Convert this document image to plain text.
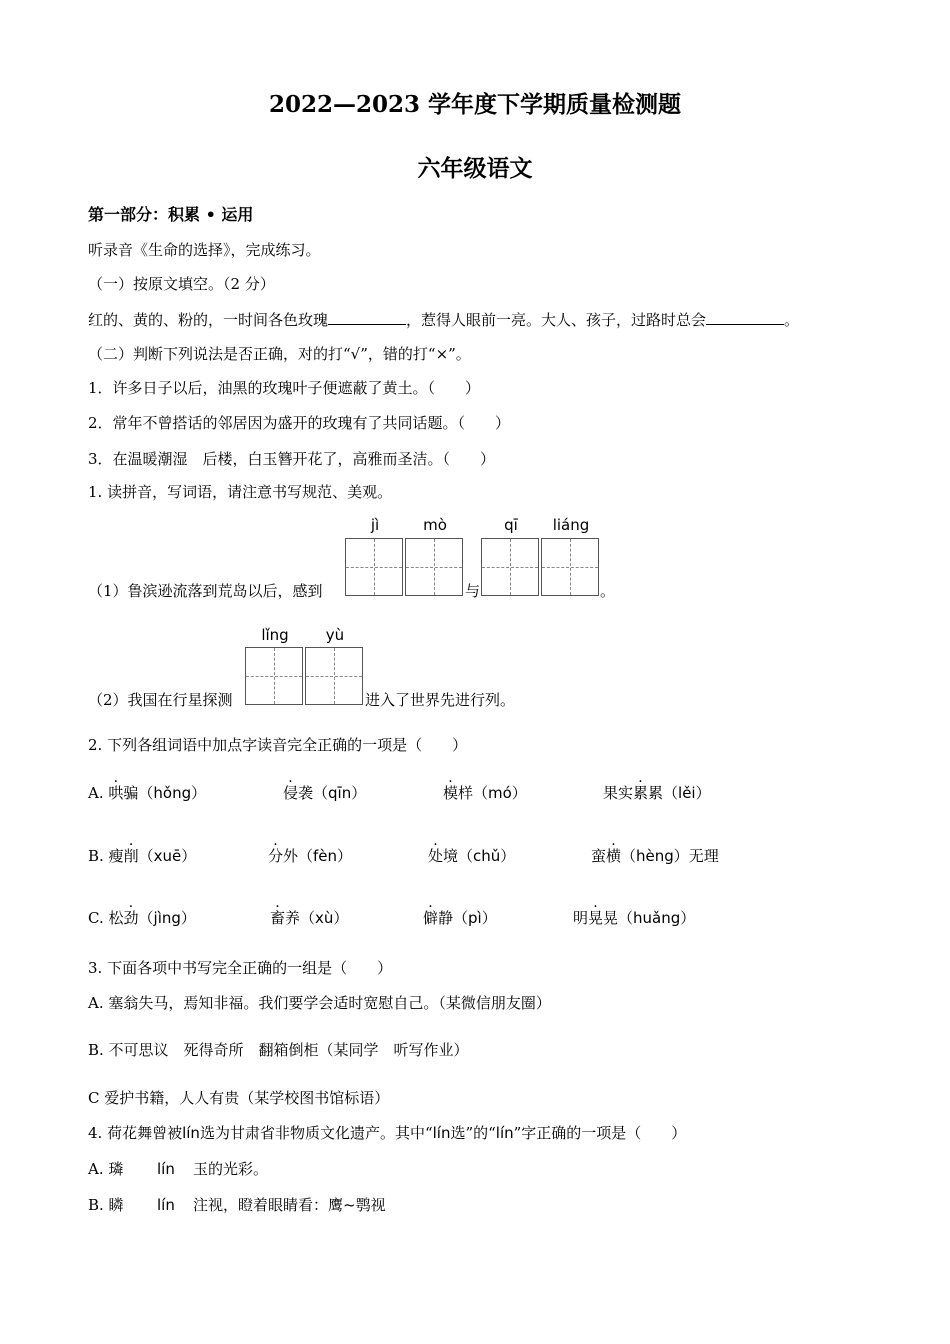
2022—2023 学年度下学期质量检测题
六年级语文
第一部分：积累 • 运用
听录音《生命的选择》，完成练习。
（一）按原文填空。（2 分）
红的、黄的、粉的，一时间各色玫瑰	，惹得人眼前一亮。大人、孩子，过路时总会	。
（二）判断下列说法是否正确，对的打“√”，错的打“×”。
1．许多日子以后，油黑的玫瑰叶子便遮蔽了黄土。（ ）
2．常年不曾搭话的邻居因为盛开的玫瑰有了共同话题。（ ）
3．在温暖潮湿　后楼，白玉簪开花了，高雅而圣洁。（ ）
1. 读拼音，写词语，请注意书写规范、美观。
jì	mò	qī	liáng
（1）鲁滨逊流落到荒岛以后，感到	与	。
lǐng	yù
（2）我国在行星探测	进入了世界先进行列。
2. 下列各组词语中加点字读音完全正确的一项是（　　）
A. 哄骗（hǒng）	侵袭（qīn）	模样（mó）	果实累累（lěi）
B. 瘦削（xuē）	分外（fèn）	处境（chǔ）	蛮横（hèng）无理
C. 松劲（jìng）	畜养（xù）	僻静（pì）	明晃晃（huǎng）
3. 下面各项中书写完全正确的一组是（　　）
A. 塞翁失马，焉知非福。我们要学会适时宽慰自己。（某微信朋友圈）
B. 不可思议　死得奇所　翻箱倒柜（某同学　听写作业）
C 爱护书籍，人人有贵（某学校图书馆标语）
4. 荷花舞曾被lín选为甘肃省非物质文化遗产。其中“lín选”的“lín”字正确的一项是（　　）
A. 璘 lín 玉的光彩。
B. 瞵 lín 注视，瞪着眼睛看：鹰~鹗视
